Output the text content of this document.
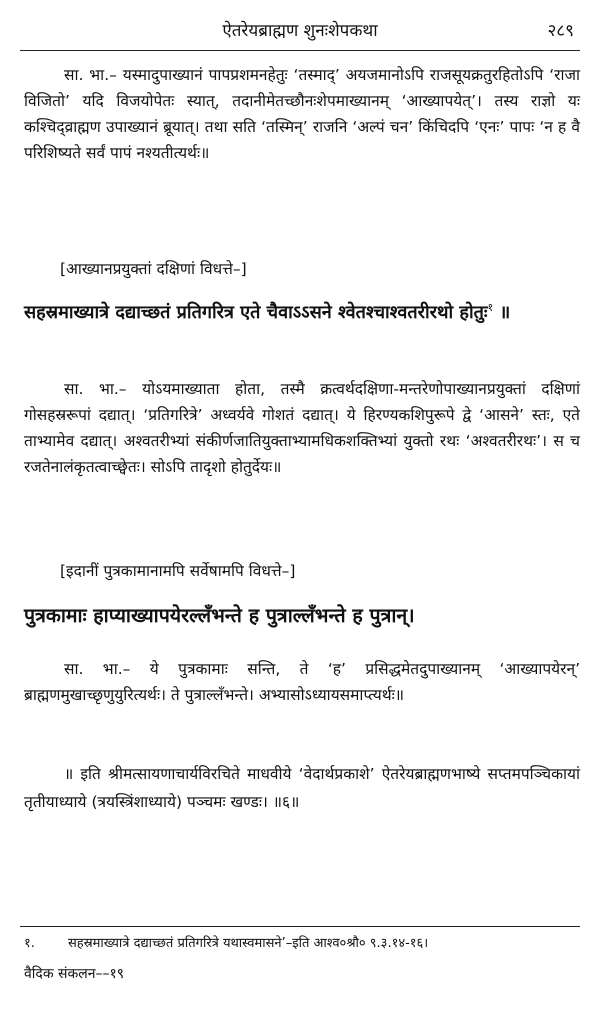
ऐतरेयब्राह्मण शुनःशेपकथा	२८९
सा. भा.– यस्मादुपाख्यानं पापप्रशमनहेतुः ‘तस्माद्’ अयजमानोऽपि राजसूयक्रतुरहितोऽपि ‘राजा विजितो’ यदि विजयोपेतः स्यात्, तदानीमेतच्छौनःशेपमाख्यानम् ‘आख्यापयेत्’। तस्य राज्ञो यः कश्चिद्व्राह्मण उपाख्यानं ब्रूयात्। तथा सति ‘तस्मिन्’ राजनि ‘अल्पं चन’ किंचिदपि ‘एनः’ पापः ‘न ह वै परिशिष्यते सर्वं पापं नश्यतीत्यर्थः॥
[आख्यानप्रयुक्तां दक्षिणां विधत्ते–]
सहस्रमाख्यात्रे दद्याच्छतं प्रतिगरित्र एते चैवाऽऽसने श्वेतश्चाश्वतरीरथो होतुः$^१$ ॥
सा. भा.– योऽयमाख्याता होता, तस्मै क्रत्वर्थदक्षिणा-मन्तरेणोपाख्यानप्रयुक्तां दक्षिणां गोसहस्ररूपां दद्यात्। ‘प्रतिगरित्रे’ अध्वर्यवे गोशतं दद्यात्। ये हिरण्यकशिपुरूपे द्वे ‘आसने’ स्तः, एते ताभ्यामेव दद्यात्। अश्वतरीभ्यां संकीर्णजातियुक्ताभ्यामधिकशक्तिभ्यां युक्तो रथः ‘अश्वतरीरथः’। स च रजतेनालंकृतत्वाच्छ्वेतः। सोऽपि तादृशो होतुर्देयः॥
[इदानीं पुत्रकामानामपि सर्वेषामपि विधत्ते–]
पुत्रकामाः हाप्याख्यापयेरल्लँभन्ते ह पुत्राल्लँभन्ते ह पुत्रान्।
सा. भा.– ये पुत्रकामाः सन्ति, ते ‘ह’ प्रसिद्धमेतदुपाख्यानम् ‘आख्यापयेरन्’ ब्राह्मणमुखाच्छृणुयुरित्यर्थः। ते पुत्राल्लँभन्ते। अभ्यासोऽध्यायसमाप्त्यर्थः॥
॥ इति श्रीमत्सायणाचार्यविरचिते माधवीये ‘वेदार्थप्रकाशे’ ऐतरेयब्राह्मणभाष्ये सप्तमपञ्चिकायां तृतीयाध्याये (त्रयस्त्रिंशाध्याये) पञ्चमः खण्डः। ॥६॥
१.	सहस्रमाख्यात्रे दद्याच्छतं प्रतिगरित्रे यथास्वमासने’–इति आश्व०श्रौ० ९.३.१४-१६।
वैदिक संकलन––१९
